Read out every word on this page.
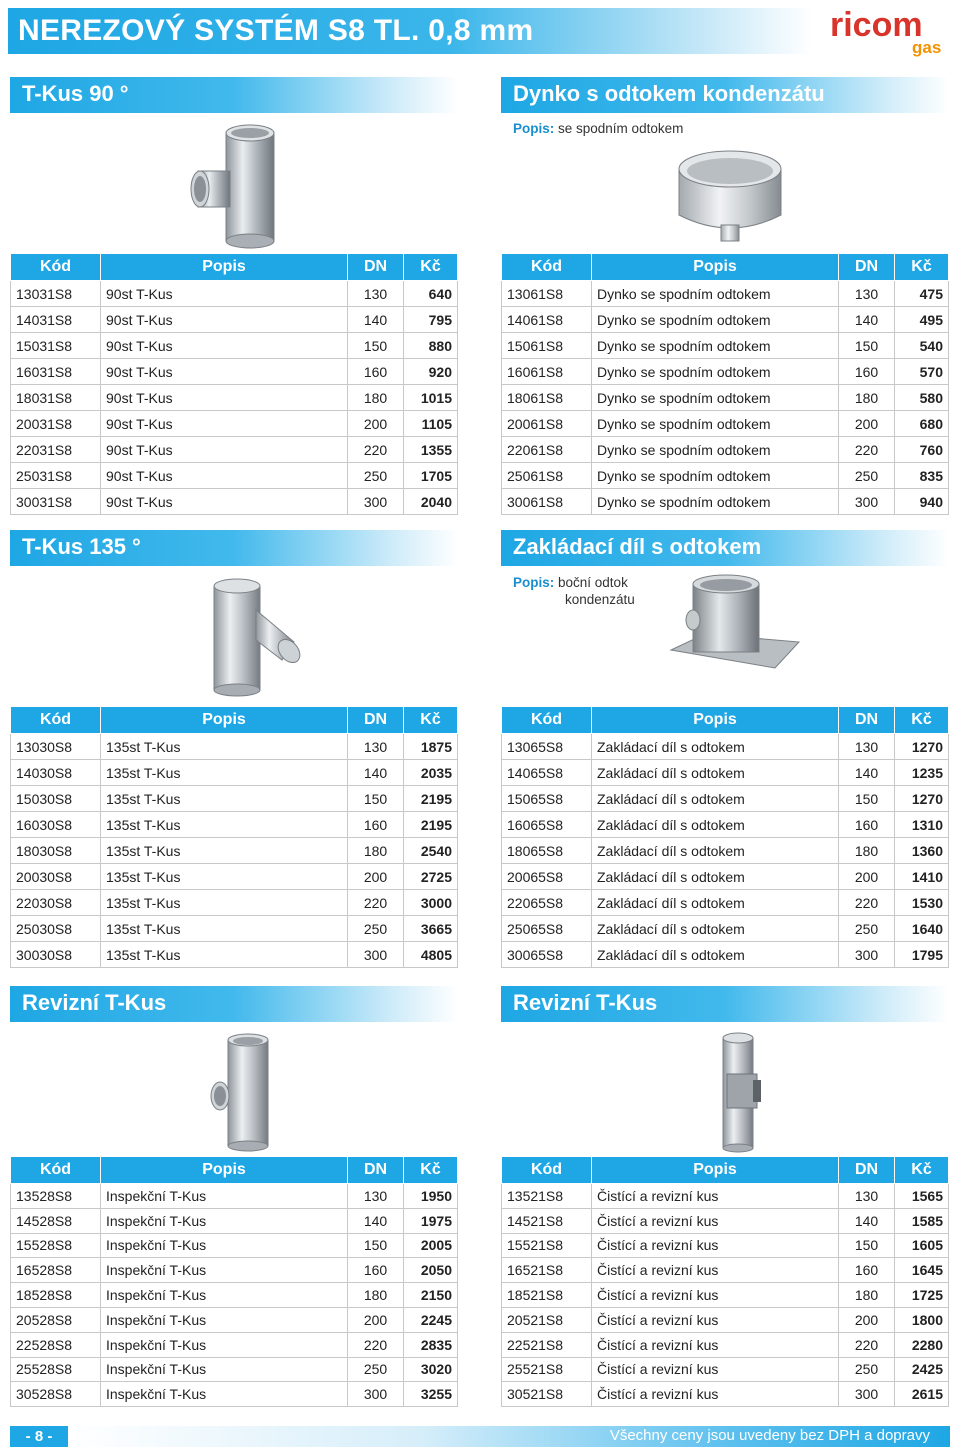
NEREZOVÝ SYSTÉM S8 TL. 0,8 mm	ricom
gas
T-Kus 90 °
Kód	Popis	DN	Kč
13031S8	90st T-Kus	130	640
14031S8	90st T-Kus	140	795
15031S8	90st T-Kus	150	880
16031S8	90st T-Kus	160	920
18031S8	90st T-Kus	180	1015
20031S8	90st T-Kus	200	1105
22031S8	90st T-Kus	220	1355
25031S8	90st T-Kus	250	1705
30031S8	90st T-Kus	300	2040
Dynko s odtokem kondenzátu
Popis: se spodním odtokem
Kód	Popis	DN	Kč
13061S8	Dynko se spodním odtokem	130	475
14061S8	Dynko se spodním odtokem	140	495
15061S8	Dynko se spodním odtokem	150	540
16061S8	Dynko se spodním odtokem	160	570
18061S8	Dynko se spodním odtokem	180	580
20061S8	Dynko se spodním odtokem	200	680
22061S8	Dynko se spodním odtokem	220	760
25061S8	Dynko se spodním odtokem	250	835
30061S8	Dynko se spodním odtokem	300	940
T-Kus 135 °
Kód	Popis	DN	Kč
13030S8	135st T-Kus	130	1875
14030S8	135st T-Kus	140	2035
15030S8	135st T-Kus	150	2195
16030S8	135st T-Kus	160	2195
18030S8	135st T-Kus	180	2540
20030S8	135st T-Kus	200	2725
22030S8	135st T-Kus	220	3000
25030S8	135st T-Kus	250	3665
30030S8	135st T-Kus	300	4805
Zakládací díl s odtokem
Popis: boční odtok
kondenzátu
Kód	Popis	DN	Kč
13065S8	Zakládací díl s odtokem	130	1270
14065S8	Zakládací díl s odtokem	140	1235
15065S8	Zakládací díl s odtokem	150	1270
16065S8	Zakládací díl s odtokem	160	1310
18065S8	Zakládací díl s odtokem	180	1360
20065S8	Zakládací díl s odtokem	200	1410
22065S8	Zakládací díl s odtokem	220	1530
25065S8	Zakládací díl s odtokem	250	1640
30065S8	Zakládací díl s odtokem	300	1795
Revizní T-Kus
Kód	Popis	DN	Kč
13528S8	Inspekční T-Kus	130	1950
14528S8	Inspekční T-Kus	140	1975
15528S8	Inspekční T-Kus	150	2005
16528S8	Inspekční T-Kus	160	2050
18528S8	Inspekční T-Kus	180	2150
20528S8	Inspekční T-Kus	200	2245
22528S8	Inspekční T-Kus	220	2835
25528S8	Inspekční T-Kus	250	3020
30528S8	Inspekční T-Kus	300	3255
Revizní T-Kus
Kód	Popis	DN	Kč
13521S8	Čistící a revizní kus	130	1565
14521S8	Čistící a revizní kus	140	1585
15521S8	Čistící a revizní kus	150	1605
16521S8	Čistící a revizní kus	160	1645
18521S8	Čistící a revizní kus	180	1725
20521S8	Čistící a revizní kus	200	1800
22521S8	Čistící a revizní kus	220	2280
25521S8	Čistící a revizní kus	250	2425
30521S8	Čistící a revizní kus	300	2615
- 8 -	Všechny ceny jsou uvedeny bez DPH a dopravy
